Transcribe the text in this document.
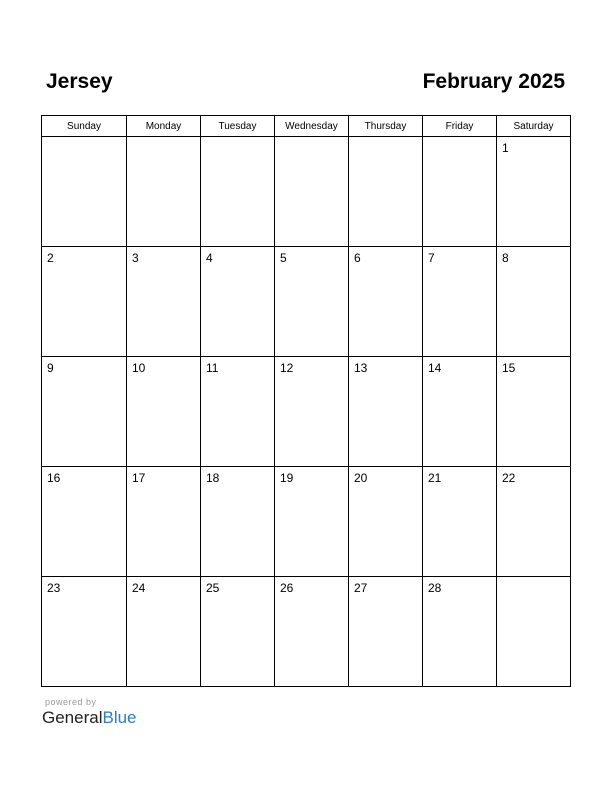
Jersey	February 2025
Sunday	Monday	Tuesday	Wednesday	Thursday	Friday	Saturday

						1

2	3	4	5	6	7	8

9	10	11	12	13	14	15

16	17	18	19	20	21	22

23	24	25	26	27	28	

powered by
GeneralBlue
